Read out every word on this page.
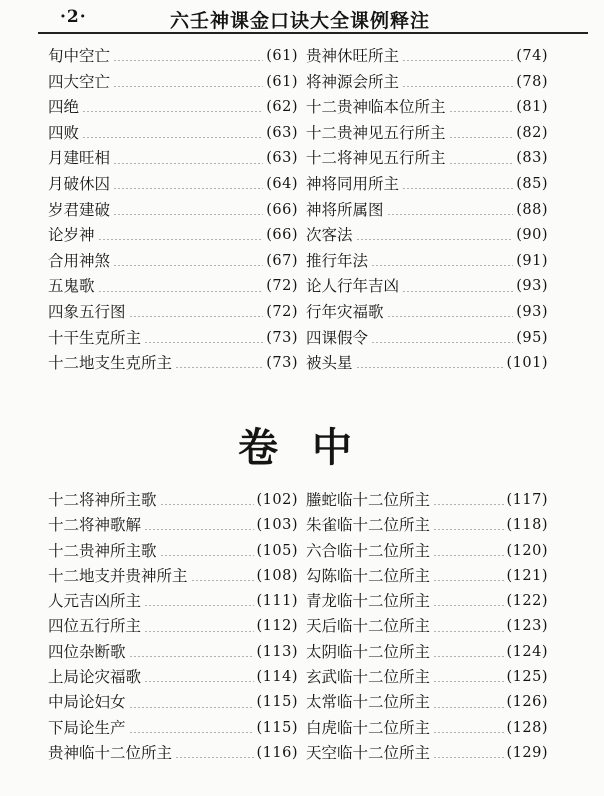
·2·	六壬神课金口诀大全课例释注
旬中空亡	(61)
四大空亡	(61)
四绝	(62)
四败	(63)
月建旺相	(63)
月破休囚	(64)
岁君建破	(66)
论岁神	(66)
合用神煞	(67)
五鬼歌	(72)
四象五行图	(72)
十干生克所主	(73)
十二地支生克所主	(73)
贵神休旺所主	(74)
将神源会所主	(78)
十二贵神临本位所主	(81)
十二贵神见五行所主	(82)
十二将神见五行所主	(83)
神将同用所主	(85)
神将所属图	(88)
次客法	(90)
推行年法	(91)
论人行年吉凶	(93)
行年灾福歌	(93)
四课假令	(95)
被头星	(101)
卷中
十二将神所主歌	(102)
十二将神歌解	(103)
十二贵神所主歌	(105)
十二地支并贵神所主	(108)
人元吉凶所主	(111)
四位五行所主	(112)
四位杂断歌	(113)
上局论灾福歌	(114)
中局论妇女	(115)
下局论生产	(115)
贵神临十二位所主	(116)
螣蛇临十二位所主	(117)
朱雀临十二位所主	(118)
六合临十二位所主	(120)
勾陈临十二位所主	(121)
青龙临十二位所主	(122)
天后临十二位所主	(123)
太阴临十二位所主	(124)
玄武临十二位所主	(125)
太常临十二位所主	(126)
白虎临十二位所主	(128)
天空临十二位所主	(129)
